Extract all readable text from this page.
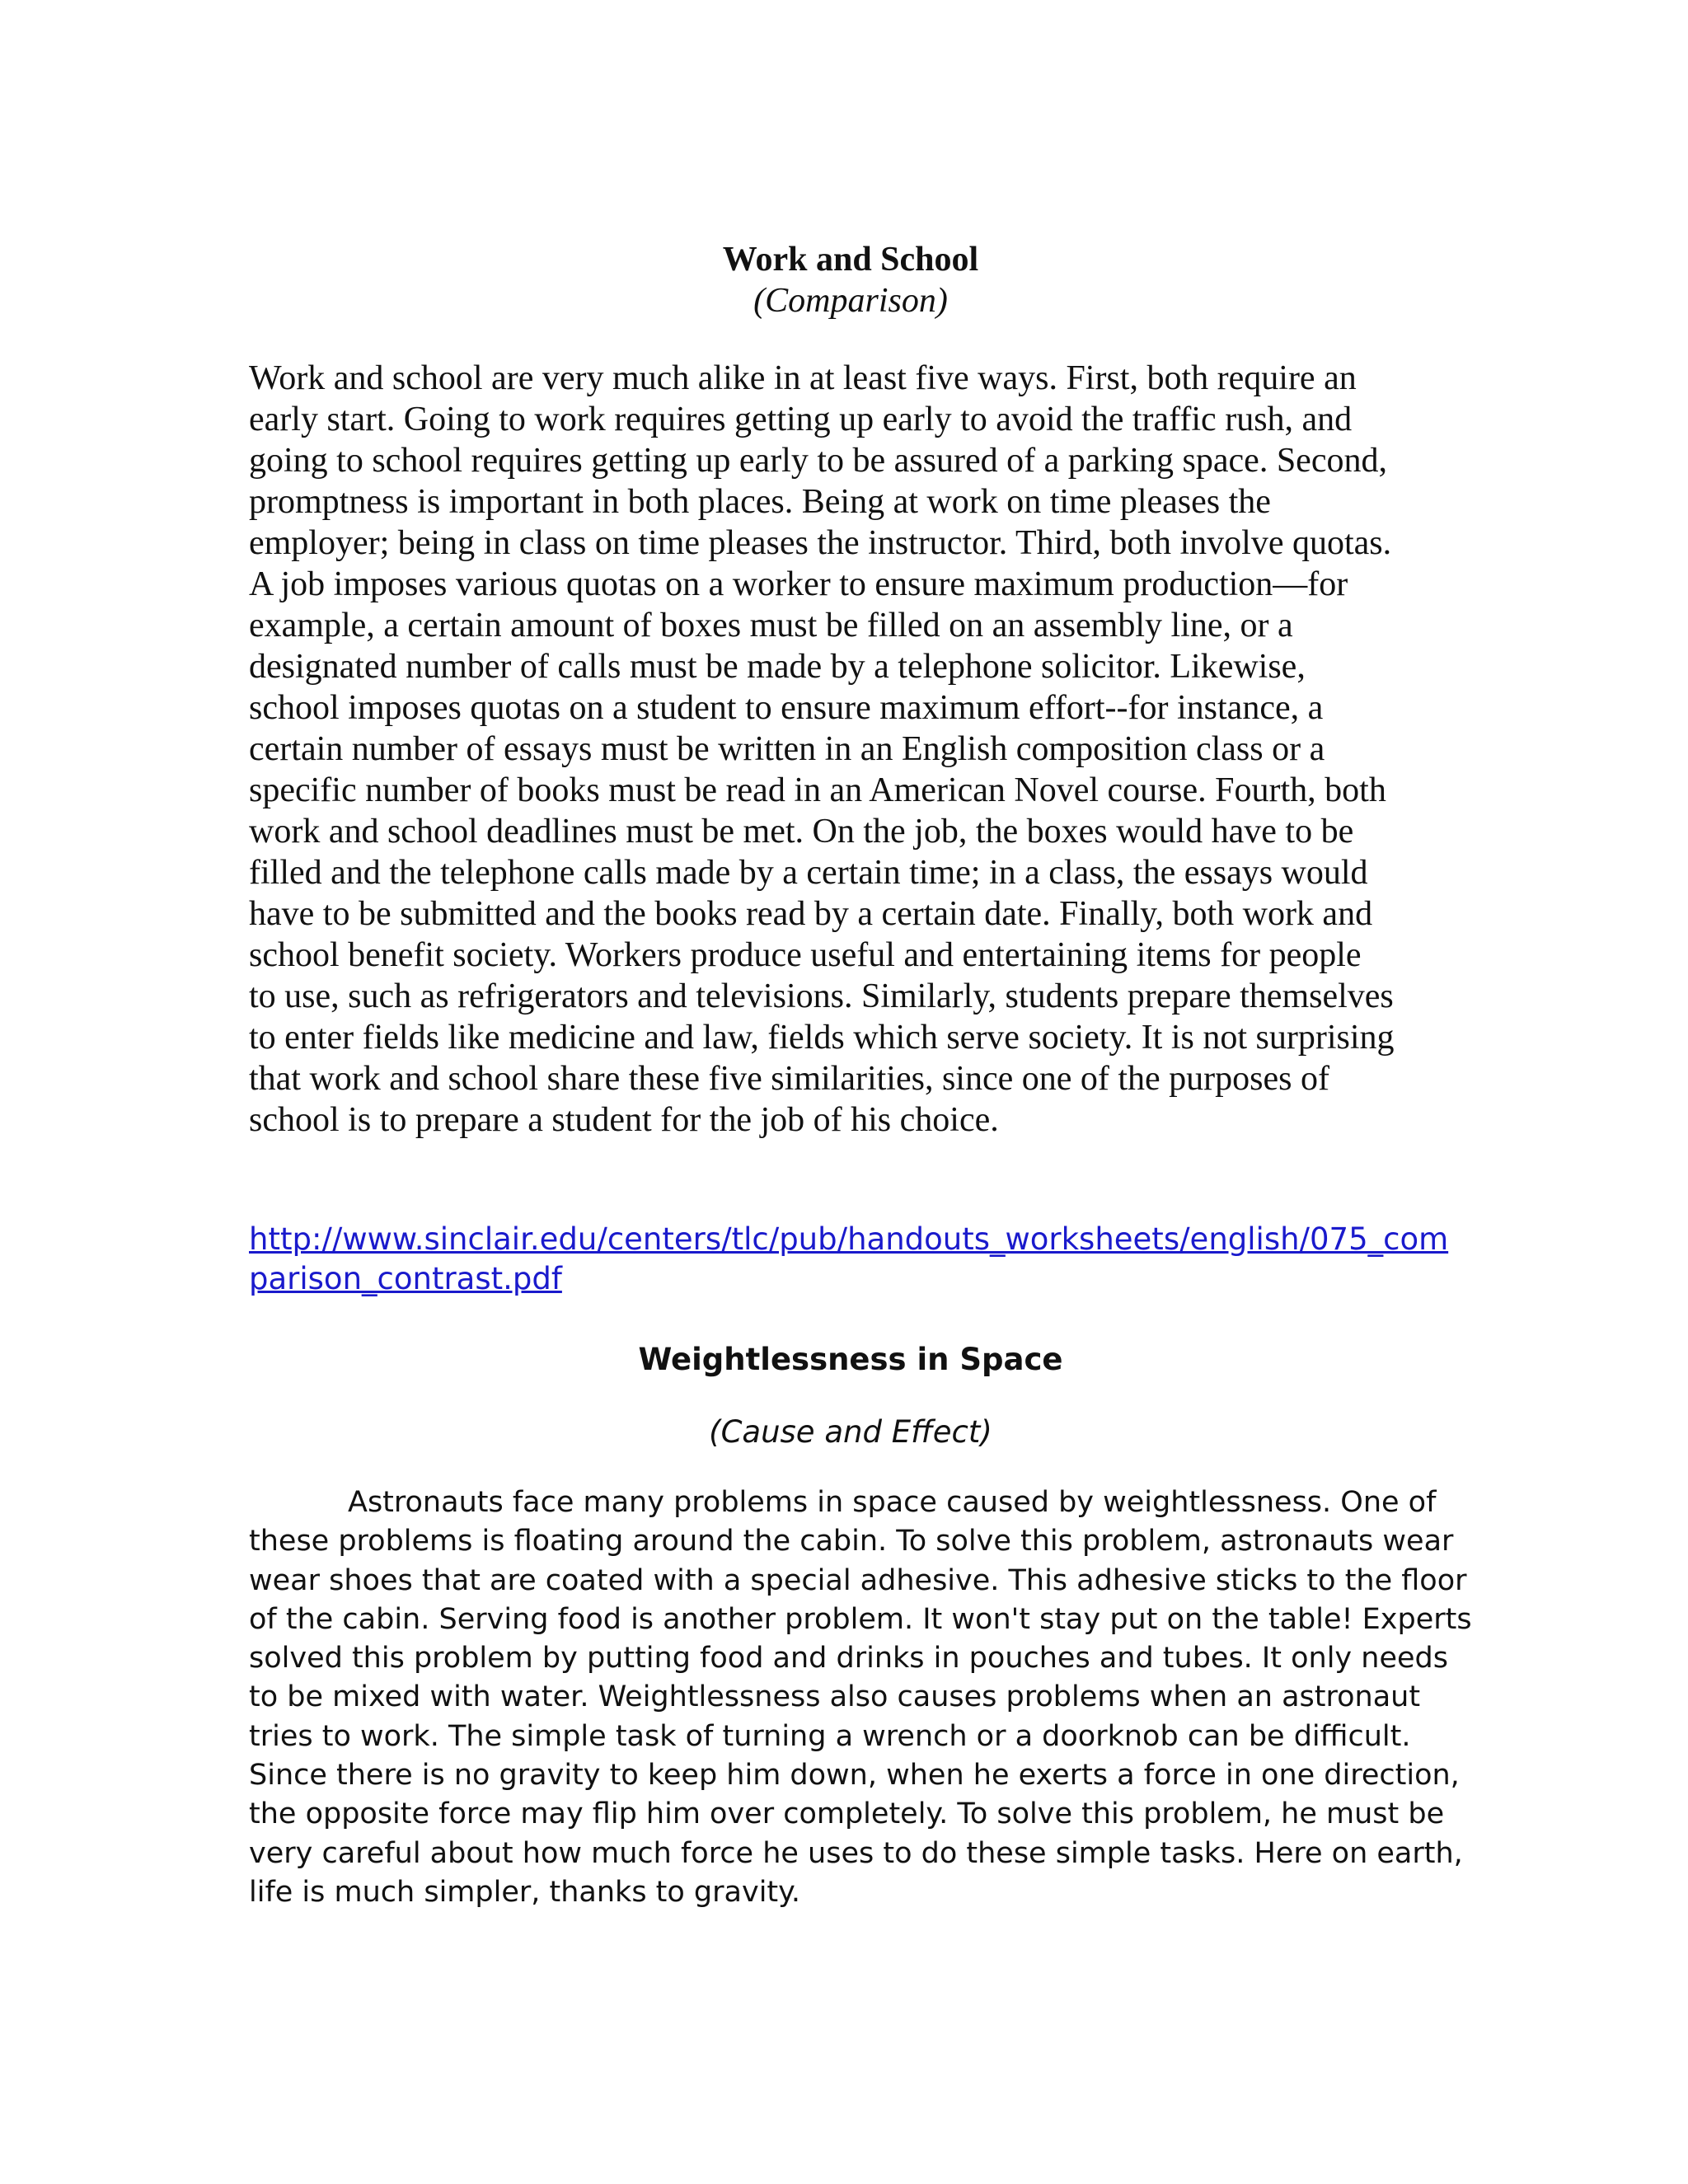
Work and School
(Comparison)

Work and school are very much alike in at least five ways. First, both require an
early start. Going to work requires getting up early to avoid the traffic rush, and
going to school requires getting up early to be assured of a parking space. Second,
promptness is important in both places. Being at work on time pleases the
employer; being in class on time pleases the instructor. Third, both involve quotas.
A job imposes various quotas on a worker to ensure maximum production—for
example, a certain amount of boxes must be filled on an assembly line, or a
designated number of calls must be made by a telephone solicitor. Likewise,
school imposes quotas on a student to ensure maximum effort--for instance, a
certain number of essays must be written in an English composition class or a
specific number of books must be read in an American Novel course. Fourth, both
work and school deadlines must be met. On the job, the boxes would have to be
filled and the telephone calls made by a certain time; in a class, the essays would
have to be submitted and the books read by a certain date. Finally, both work and
school benefit society. Workers produce useful and entertaining items for people
to use, such as refrigerators and televisions. Similarly, students prepare themselves
to enter fields like medicine and law, fields which serve society. It is not surprising
that work and school share these five similarities, since one of the purposes of
school is to prepare a student for the job of his choice.

http://www.sinclair.edu/centers/tlc/pub/handouts_worksheets/english/075_com
parison_contrast.pdf
Weightlessness in Space
(Cause and Effect)

Astronauts face many problems in space caused by weightlessness. One of
these problems is floating around the cabin. To solve this problem, astronauts wear
wear shoes that are coated with a special adhesive. This adhesive sticks to the floor
of the cabin. Serving food is another problem. It won't stay put on the table! Experts
solved this problem by putting food and drinks in pouches and tubes. It only needs
to be mixed with water. Weightlessness also causes problems when an astronaut
tries to work. The simple task of turning a wrench or a doorknob can be difficult.
Since there is no gravity to keep him down, when he exerts a force in one direction,
the opposite force may flip him over completely. To solve this problem, he must be
very careful about how much force he uses to do these simple tasks. Here on earth,
life is much simpler, thanks to gravity.
